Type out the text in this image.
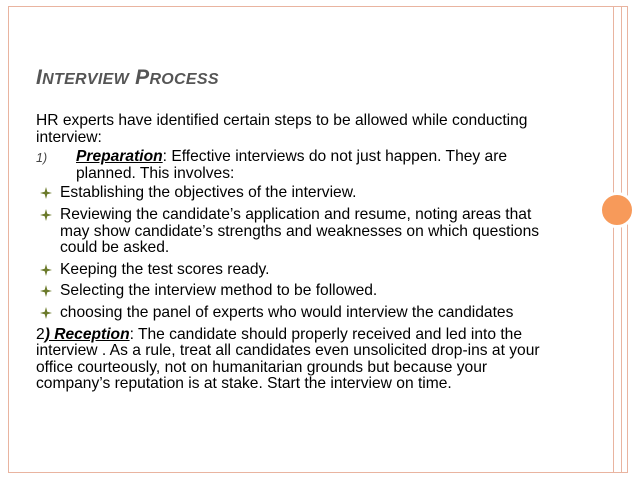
INTERVIEW PROCESS

HR experts have identified certain steps to be allowed while conducting interview:

1) Preparation: Effective interviews do not just happen. They are planned. This involves:
Establishing the objectives of the interview.
Reviewing the candidate’s application and resume, noting areas that may show candidate’s strengths and weaknesses on which questions could be asked.
Keeping the test scores ready.
Selecting the interview method to be followed.
choosing the panel of experts who would interview the candidates

2) Reception: The candidate should properly received and led into the interview . As a rule, treat all candidates even unsolicited drop-ins at your office courteously, not on humanitarian grounds but because your company’s reputation is at stake. Start the interview on time.
